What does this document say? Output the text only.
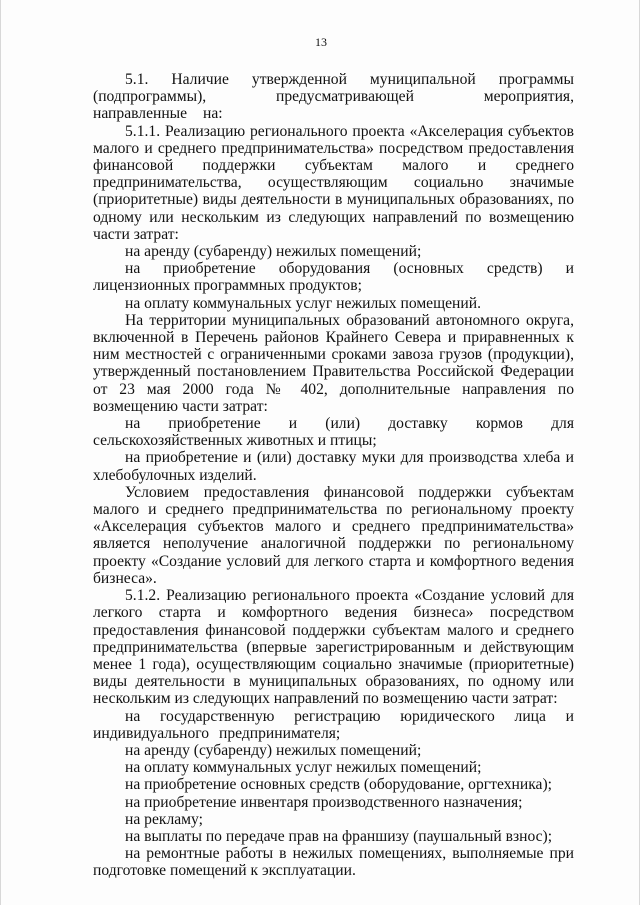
13

5.1. Наличие утвержденной муниципальной программы (подпрограммы), предусматривающей мероприятия, направленные на:

5.1.1. Реализацию регионального проекта «Акселерация субъектов малого и среднего предпринимательства» посредством предоставления финансовой поддержки субъектам малого и среднего предпринимательства, осуществляющим социально значимые (приоритетные) виды деятельности в муниципальных образованиях, по одному или нескольким из следующих направлений по возмещению части затрат:

на аренду (субаренду) нежилых помещений;

на приобретение оборудования (основных средств) и лицензионных программных продуктов;

на оплату коммунальных услуг нежилых помещений.

На территории муниципальных образований автономного округа, включенной в Перечень районов Крайнего Севера и приравненных к ним местностей с ограниченными сроками завоза грузов (продукции), утвержденный постановлением Правительства Российской Федерации от 23 мая 2000 года № 402, дополнительные направления по возмещению части затрат:

на приобретение и (или) доставку кормов для сельскохозяйственных животных и птицы;

на приобретение и (или) доставку муки для производства хлеба и хлебобулочных изделий.

Условием предоставления финансовой поддержки субъектам малого и среднего предпринимательства по региональному проекту «Акселерация субъектов малого и среднего предпринимательства» является неполучение аналогичной поддержки по региональному проекту «Создание условий для легкого старта и комфортного ведения бизнеса».

5.1.2. Реализацию регионального проекта «Создание условий для легкого старта и комфортного ведения бизнеса» посредством предоставления финансовой поддержки субъектам малого и среднего предпринимательства (впервые зарегистрированным и действующим менее 1 года), осуществляющим социально значимые (приоритетные) виды деятельности в муниципальных образованиях, по одному или нескольким из следующих направлений по возмещению части затрат:

на государственную регистрацию юридического лица и индивидуального предпринимателя;

на аренду (субаренду) нежилых помещений;

на оплату коммунальных услуг нежилых помещений;

на приобретение основных средств (оборудование, оргтехника);

на приобретение инвентаря производственного назначения;

на рекламу;

на выплаты по передаче прав на франшизу (паушальный взнос);

на ремонтные работы в нежилых помещениях, выполняемые при подготовке помещений к эксплуатации.
